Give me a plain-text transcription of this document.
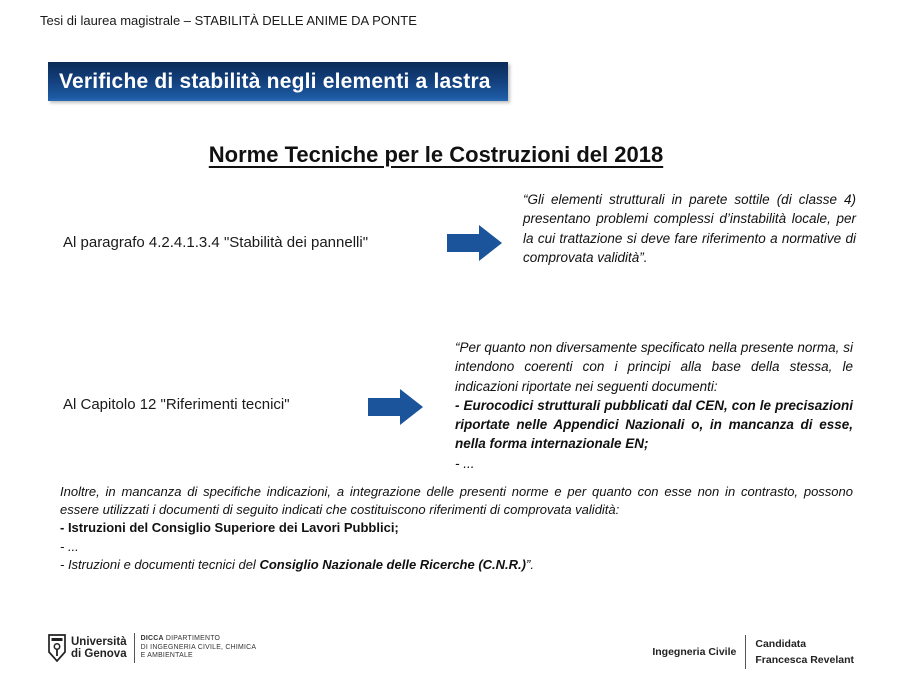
Tesi di laurea magistrale – STABILITÀ DELLE ANIME DA PONTE
Verifiche di stabilità negli elementi a lastra
Norme Tecniche per le Costruzioni del 2018
Al paragrafo 4.2.4.1.3.4 "Stabilità dei pannelli"

“Gli elementi strutturali in parete sottile (di classe 4) presentano problemi complessi d’instabilità locale, per la cui trattazione si deve fare riferimento a normative di comprovata validità”.

Al Capitolo 12 "Riferimenti tecnici"

“Per quanto non diversamente specificato nella presente norma, si intendono coerenti con i principi alla base della stessa, le indicazioni riportate nei seguenti documenti:

- Eurocodici strutturali pubblicati dal CEN, con le precisazioni riportate nelle Appendici Nazionali o, in mancanza di esse, nella forma internazionale EN;

- ...

Inoltre, in mancanza di specifiche indicazioni, a integrazione delle presenti norme e per quanto con esse non in contrasto, possono essere utilizzati i documenti di seguito indicati che costituiscono riferimenti di comprovata validità:

- Istruzioni del Consiglio Superiore dei Lavori Pubblici;
- ...
- Istruzioni e documenti tecnici del Consiglio Nazionale delle Ricerche (C.N.R.)”.
Università
di Genova
DICCA DIPARTIMENTO
DI INGEGNERIA CIVILE, CHIMICA
E AMBIENTALE	Ingegneria Civile
Candidata
Francesca Revelant
